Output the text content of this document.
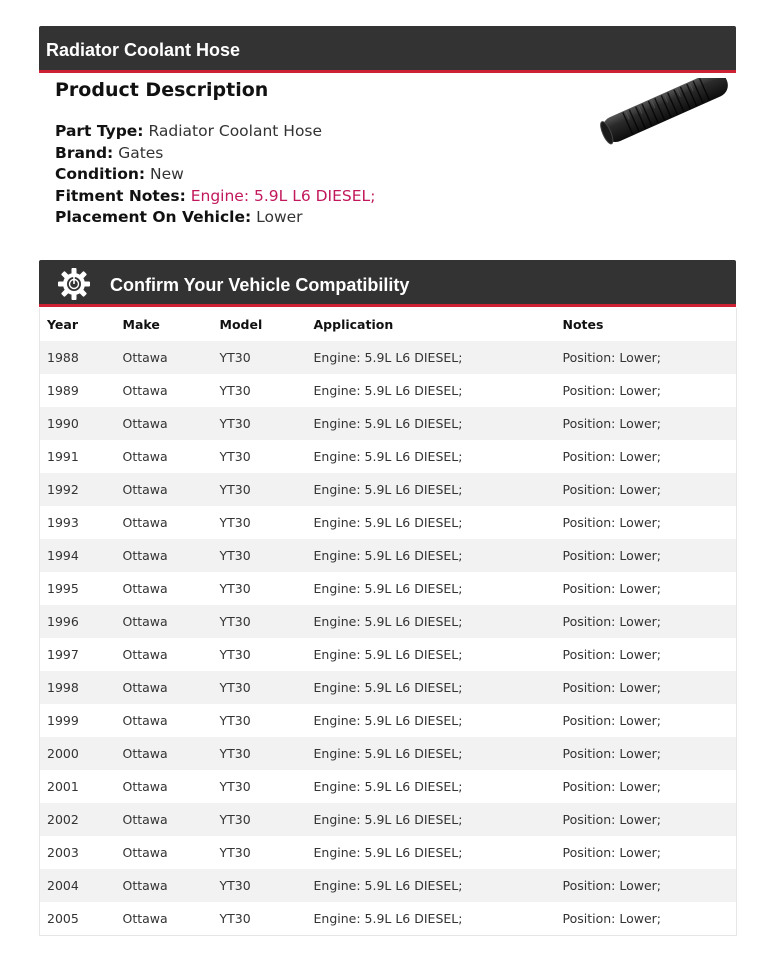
Radiator Coolant Hose
Product Description
Part Type: Radiator Coolant Hose
Brand: Gates
Condition: New
Fitment Notes: Engine: 5.9L L6 DIESEL;
Placement On Vehicle: Lower
Confirm Your Vehicle Compatibility
Year	Make	Model	Application	Notes
1988	Ottawa	YT30	Engine: 5.9L L6 DIESEL;	Position: Lower;
1989	Ottawa	YT30	Engine: 5.9L L6 DIESEL;	Position: Lower;
1990	Ottawa	YT30	Engine: 5.9L L6 DIESEL;	Position: Lower;
1991	Ottawa	YT30	Engine: 5.9L L6 DIESEL;	Position: Lower;
1992	Ottawa	YT30	Engine: 5.9L L6 DIESEL;	Position: Lower;
1993	Ottawa	YT30	Engine: 5.9L L6 DIESEL;	Position: Lower;
1994	Ottawa	YT30	Engine: 5.9L L6 DIESEL;	Position: Lower;
1995	Ottawa	YT30	Engine: 5.9L L6 DIESEL;	Position: Lower;
1996	Ottawa	YT30	Engine: 5.9L L6 DIESEL;	Position: Lower;
1997	Ottawa	YT30	Engine: 5.9L L6 DIESEL;	Position: Lower;
1998	Ottawa	YT30	Engine: 5.9L L6 DIESEL;	Position: Lower;
1999	Ottawa	YT30	Engine: 5.9L L6 DIESEL;	Position: Lower;
2000	Ottawa	YT30	Engine: 5.9L L6 DIESEL;	Position: Lower;
2001	Ottawa	YT30	Engine: 5.9L L6 DIESEL;	Position: Lower;
2002	Ottawa	YT30	Engine: 5.9L L6 DIESEL;	Position: Lower;
2003	Ottawa	YT30	Engine: 5.9L L6 DIESEL;	Position: Lower;
2004	Ottawa	YT30	Engine: 5.9L L6 DIESEL;	Position: Lower;
2005	Ottawa	YT30	Engine: 5.9L L6 DIESEL;	Position: Lower;
